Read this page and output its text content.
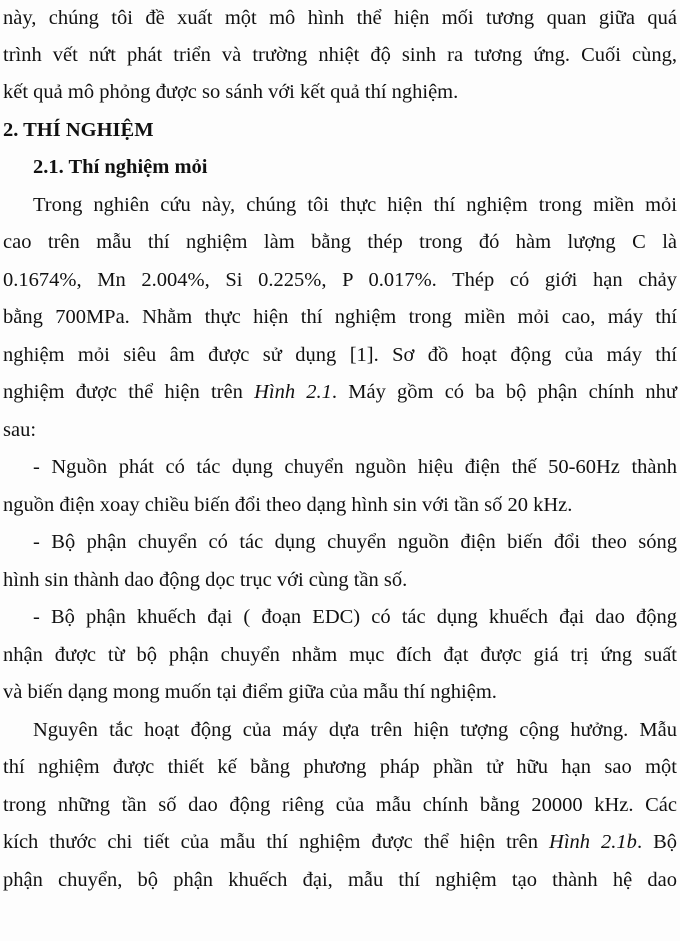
này, chúng tôi đề xuất một mô hình thể hiện mối tương quan giữa quá
trình vết nứt phát triển và trường nhiệt độ sinh ra tương ứng. Cuối cùng,
kết quả mô phỏng được so sánh với kết quả thí nghiệm.
2. THÍ NGHIỆM
2.1. Thí nghiệm mỏi
Trong nghiên cứu này, chúng tôi thực hiện thí nghiệm trong miền mỏi
cao trên mẫu thí nghiệm làm bằng thép trong đó hàm lượng C là
0.1674%, Mn 2.004%, Si 0.225%, P 0.017%. Thép có giới hạn chảy
bằng 700MPa. Nhằm thực hiện thí nghiệm trong miền mỏi cao, máy thí
nghiệm mỏi siêu âm được sử dụng [1]. Sơ đồ hoạt động của máy thí
nghiệm được thể hiện trên Hình 2.1. Máy gồm có ba bộ phận chính như
sau:
- Nguồn phát có tác dụng chuyển nguồn hiệu điện thế 50-60Hz thành
nguồn điện xoay chiều biến đổi theo dạng hình sin với tần số 20 kHz.
- Bộ phận chuyển có tác dụng chuyển nguồn điện biến đổi theo sóng
hình sin thành dao động dọc trục với cùng tần số.
- Bộ phận khuếch đại ( đoạn EDC) có tác dụng khuếch đại dao động
nhận được từ bộ phận chuyển nhằm mục đích đạt được giá trị ứng suất
và biến dạng mong muốn tại điểm giữa của mẫu thí nghiệm.
Nguyên tắc hoạt động của máy dựa trên hiện tượng cộng hưởng. Mẫu
thí nghiệm được thiết kế bằng phương pháp phần tử hữu hạn sao một
trong những tần số dao động riêng của mẫu chính bằng 20000 kHz. Các
kích thước chi tiết của mẫu thí nghiệm được thể hiện trên Hình 2.1b. Bộ
phận chuyển, bộ phận khuếch đại, mẫu thí nghiệm tạo thành hệ dao
